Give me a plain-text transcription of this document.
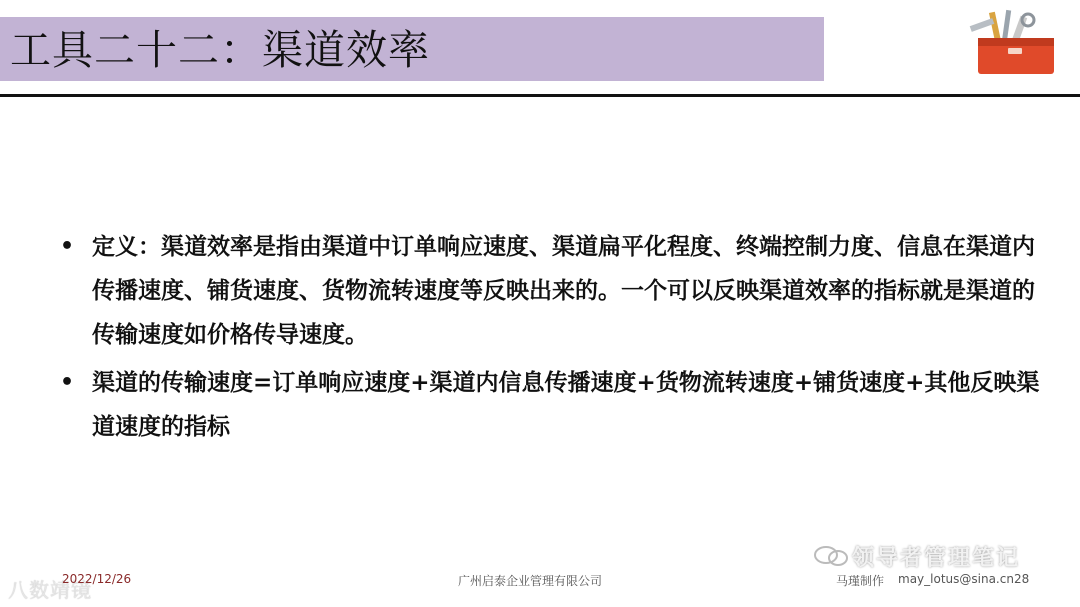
工具二十二：渠道效率
• 定义：渠道效率是指由渠道中订单响应速度、渠道扁平化程度、终端控制力度、信息在渠道内传播速度、铺货速度、货物流转速度等反映出来的。一个可以反映渠道效率的指标就是渠道的传输速度如价格传导速度。
• 渠道的传输速度=订单响应速度+渠道内信息传播速度+货物流转速度+铺货速度+其他反映渠道速度的指标
八数靖镜
2022/12/26	广州启泰企业管理有限公司
领导者管理笔记
马瑾制作 may_lotus@sina.cn28
